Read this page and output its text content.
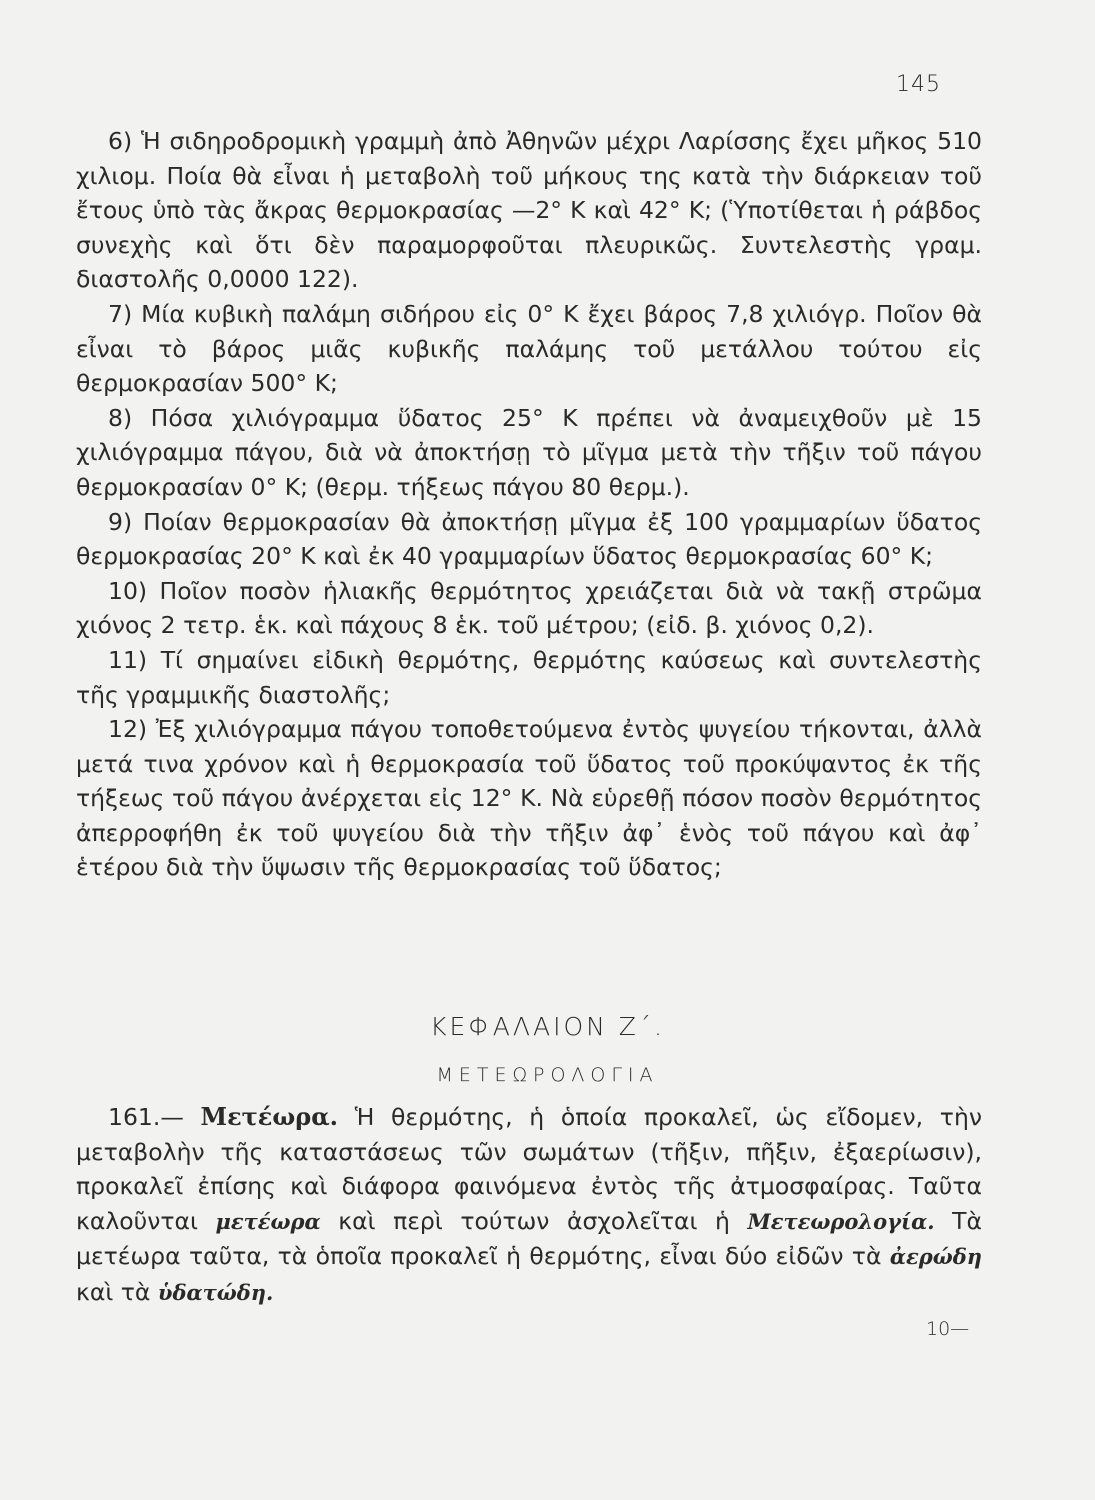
145

6) Ἡ σιδηροδρομικὴ γραμμὴ ἀπὸ Ἀθηνῶν μέχρι Λαρίσσης ἔχει μῆκος 510 χιλιομ. Ποία θὰ εἶναι ἡ μεταβολὴ τοῦ μήκους της κατὰ τὴν διάρκειαν τοῦ ἔτους ὑπὸ τὰς ἄκρας θερμοκρασίας —2° Κ καὶ 42° Κ; (Ὑποτίθεται ἡ ράβδος συνεχὴς καὶ ὅτι δὲν παραμορφοῦται πλευρικῶς. Συντελεστὴς γραμ. διαστολῆς 0,0000 122).

7) Μία κυβικὴ παλάμη σιδήρου εἰς 0° Κ ἔχει βάρος 7,8 χιλιόγρ. Ποῖον θὰ εἶναι τὸ βάρος μιᾶς κυβικῆς παλάμης τοῦ μετάλλου τούτου εἰς θερμοκρασίαν 500° Κ;

8) Πόσα χιλιόγραμμα ὕδατος 25° Κ πρέπει νὰ ἀναμειχθοῦν μὲ 15 χιλιόγραμμα πάγου, διὰ νὰ ἀποκτήσῃ τὸ μῖγμα μετὰ τὴν τῆξιν τοῦ πάγου θερμοκρασίαν 0° Κ; (θερμ. τήξεως πάγου 80 θερμ.).

9) Ποίαν θερμοκρασίαν θὰ ἀποκτήσῃ μῖγμα ἐξ 100 γραμμαρίων ὕδατος θερμοκρασίας 20° Κ καὶ ἐκ 40 γραμμαρίων ὕδατος θερμοκρασίας 60° Κ;

10) Ποῖον ποσὸν ἡλιακῆς θερμότητος χρειάζεται διὰ νὰ τακῇ στρῶμα χιόνος 2 τετρ. ἑκ. καὶ πάχους 8 ἑκ. τοῦ μέτρου; (εἰδ. β. χιόνος 0,2).

11) Τί σημαίνει εἰδικὴ θερμότης, θερμότης καύσεως καὶ συντελεστὴς τῆς γραμμικῆς διαστολῆς;

12) Ἐξ χιλιόγραμμα πάγου τοποθετούμενα ἐντὸς ψυγείου τήκονται, ἀλλὰ μετά τινα χρόνον καὶ ἡ θερμοκρασία τοῦ ὕδατος τοῦ προκύψαντος ἐκ τῆς τήξεως τοῦ πάγου ἀνέρχεται εἰς 12° Κ. Νὰ εὑρεθῇ πόσον ποσὸν θερμότητος ἀπερροφήθη ἐκ τοῦ ψυγείου διὰ τὴν τῆξιν ἀφ᾽ ἑνὸς τοῦ πάγου καὶ ἀφ᾽ ἑτέρου διὰ τὴν ὕψωσιν τῆς θερμοκρασίας τοῦ ὕδατος;

ΚΕΦΑΛΑΙΟΝ Ζ΄.
ΜΕΤΕΩΡΟΛΟΓΙΑ

161.— Μετέωρα. Ἡ θερμότης, ἡ ὁποία προκαλεῖ, ὡς εἴδομεν, τὴν μεταβολὴν τῆς καταστάσεως τῶν σωμάτων (τῆξιν, πῆξιν, ἐξαερίωσιν), προκαλεῖ ἐπίσης καὶ διάφορα φαινόμενα ἐντὸς τῆς ἀτμοσφαίρας. Ταῦτα καλοῦνται μετέωρα καὶ περὶ τούτων ἀσχολεῖται ἡ Μετεωρολογία. Τὰ μετέωρα ταῦτα, τὰ ὁποῖα προκαλεῖ ἡ θερμότης, εἶναι δύο εἰδῶν τὰ ἀερώδη καὶ τὰ ὑδατώδη.

10—
